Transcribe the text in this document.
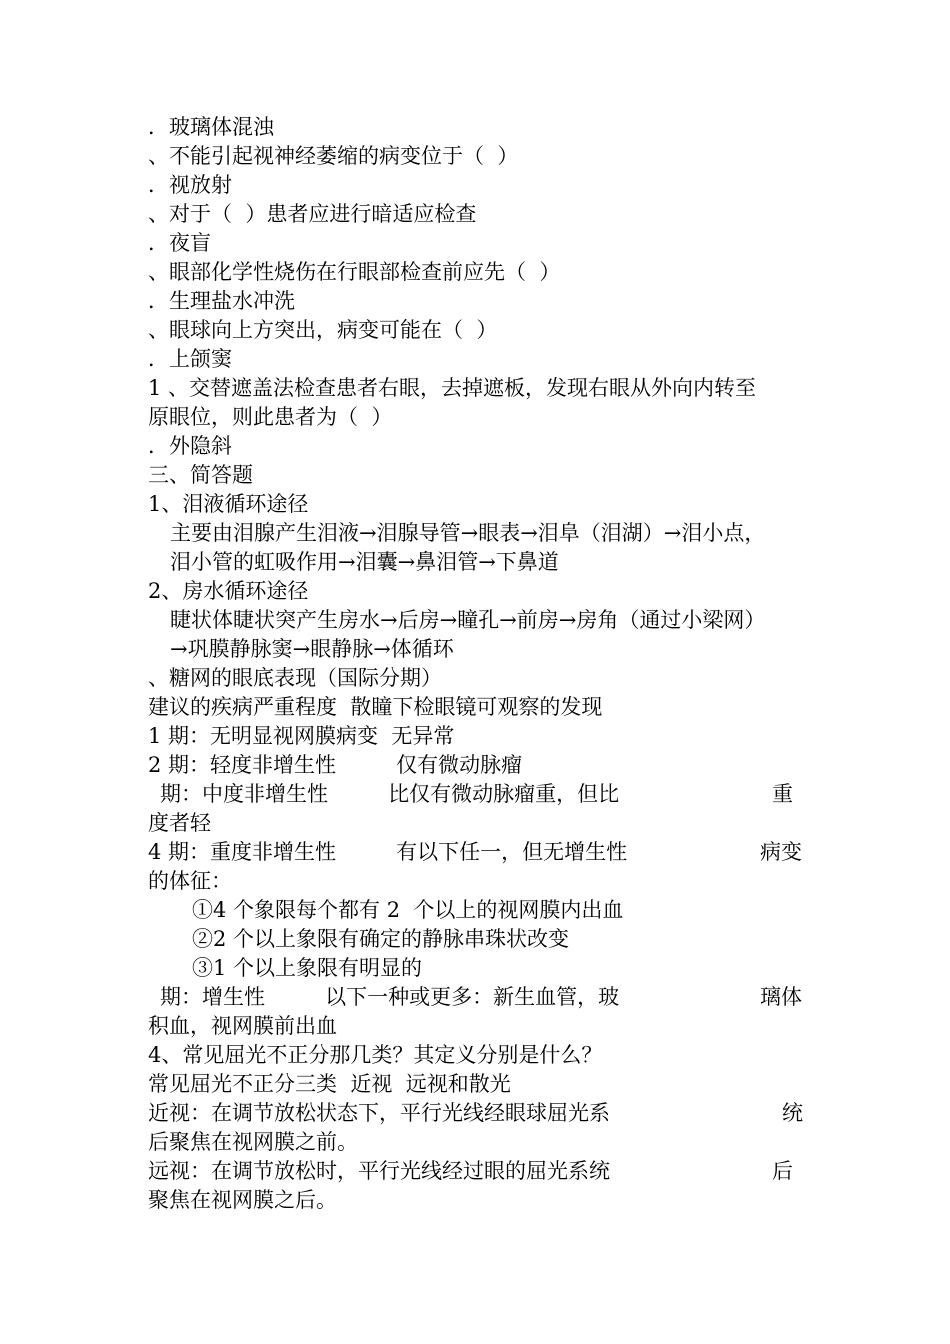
．玻璃体混浊
、不能引起视神经萎缩的病变位于（  ）
．视放射
、对于（  ）患者应进行暗适应检查
．夜盲
、眼部化学性烧伤在行眼部检查前应先（  ）
．生理盐水冲洗
、眼球向上方突出，病变可能在（  ）
．上颌窦
1 、交替遮盖法检查患者右眼，去掉遮板，发现右眼从外向内转至
原眼位，则此患者为（  ）
．外隐斜
三、简答题
1、泪液循环途径
主要由泪腺产生泪液→泪腺导管→眼表→泪阜（泪湖）→泪小点，
泪小管的虹吸作用→泪囊→鼻泪管→下鼻道
2、房水循环途径
睫状体睫状突产生房水→后房→瞳孔→前房→房角（通过小梁网）
→巩膜静脉窦→眼静脉→体循环
、糖网的眼底表现（国际分期）
建议的疾病严重程度  散瞳下检眼镜可观察的发现
1 期：无明显视网膜病变  无异常
2 期：轻度非增生性         仅有微动脉瘤
期：中度非增生性         比仅有微动脉瘤重，但比	重
度者轻
4 期：重度非增生性         有以下任一，但无增生性	病变
的体征：
①4 个象限每个都有 2  个以上的视网膜内出血
②2 个以上象限有确定的静脉串珠状改变
③1 个以上象限有明显的
期：增生性         以下一种或更多：新生血管，玻	璃体
积血，视网膜前出血
4、常见屈光不正分那几类？其定义分别是什么？
常见屈光不正分三类  近视  远视和散光
近视：在调节放松状态下，平行光线经眼球屈光系	统
后聚焦在视网膜之前。
远视：在调节放松时，平行光线经过眼的屈光系统	后
聚焦在视网膜之后。
